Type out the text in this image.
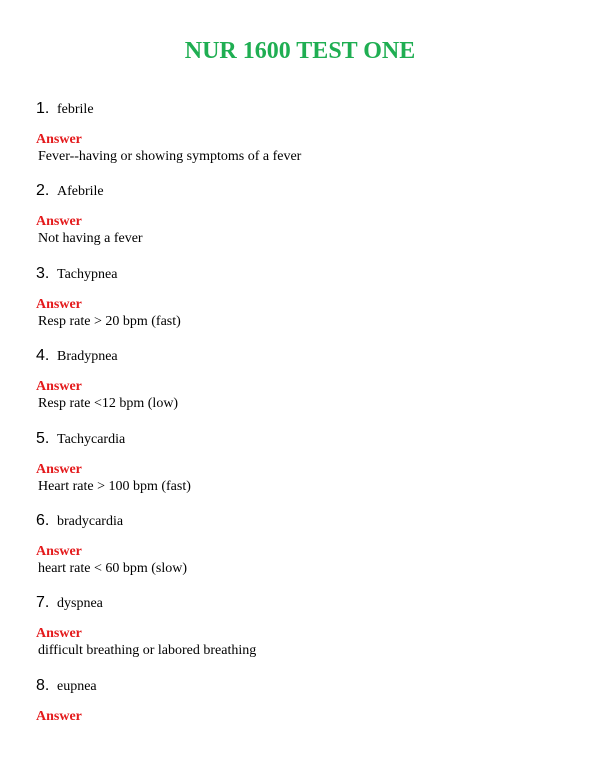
NUR 1600 TEST ONE
1. febrile
Answer
Fever--having or showing symptoms of a fever
2. Afebrile
Answer
Not having a fever
3. Tachypnea
Answer
Resp rate > 20 bpm (fast)
4. Bradypnea
Answer
Resp rate <12 bpm (low)
5. Tachycardia
Answer
Heart rate > 100 bpm (fast)
6. bradycardia
Answer
heart rate < 60 bpm (slow)
7. dyspnea
Answer
difficult breathing or labored breathing
8. eupnea
Answer
